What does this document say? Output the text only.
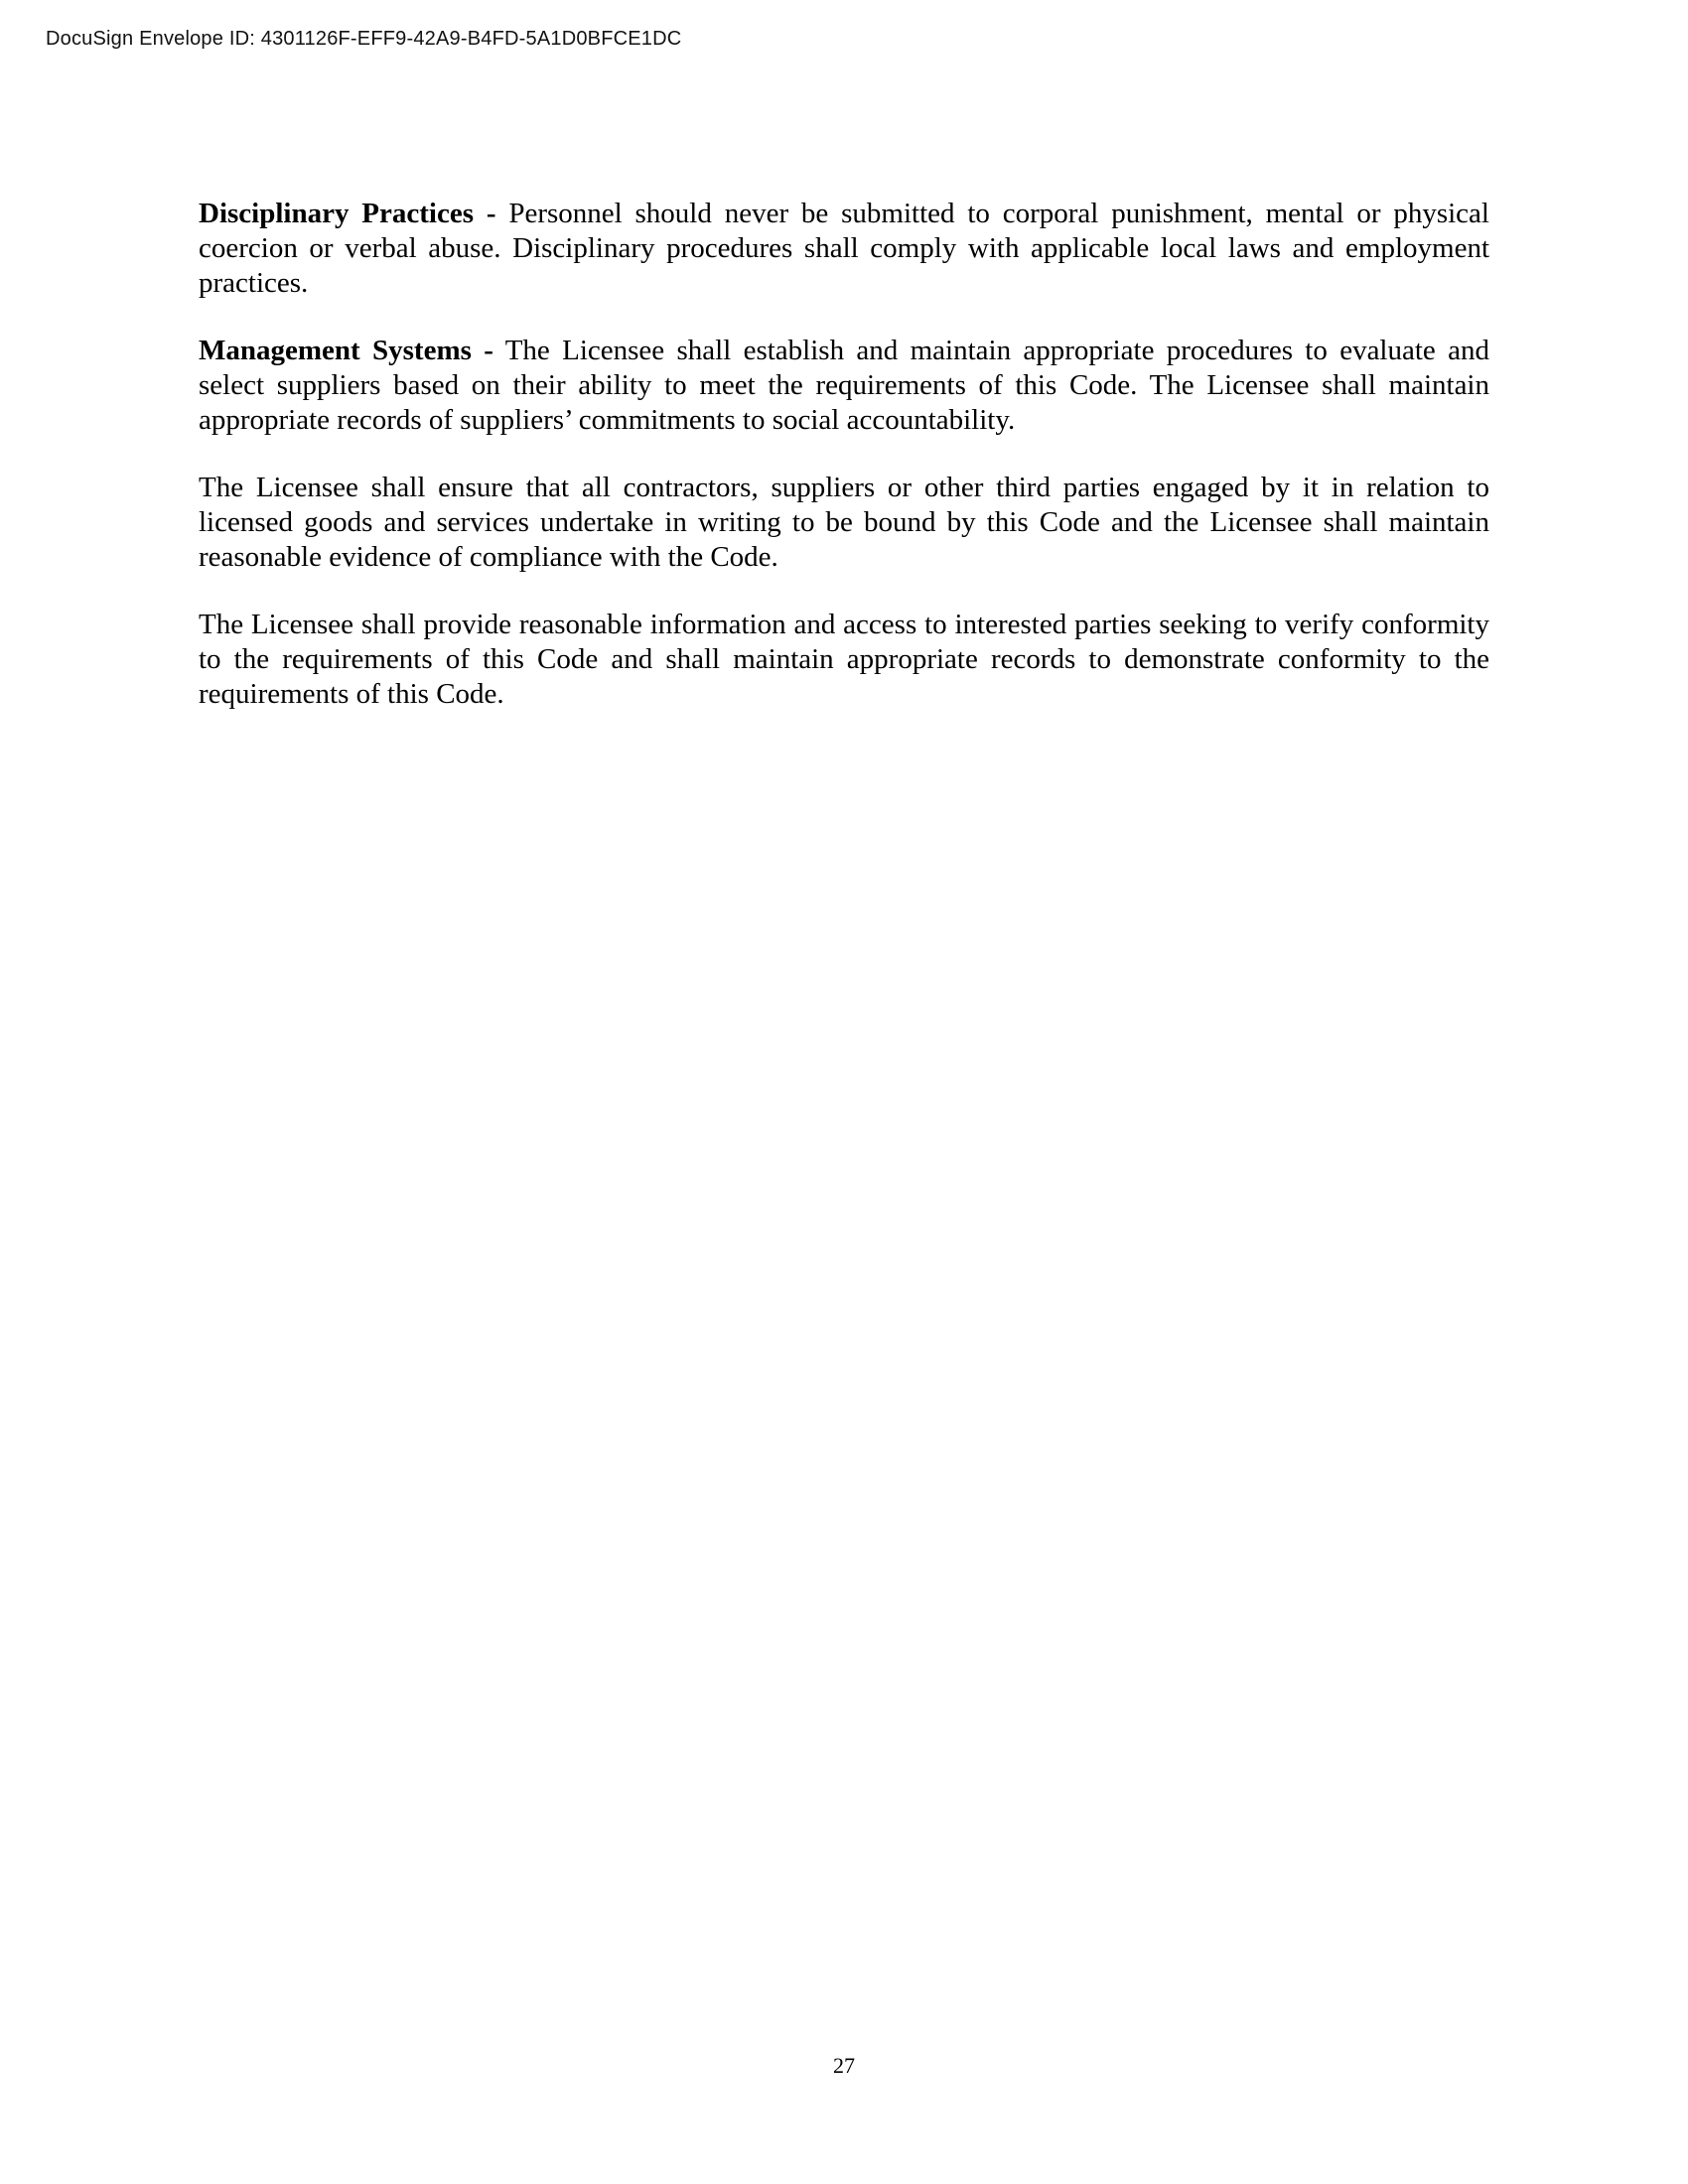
DocuSign Envelope ID: 4301126F-EFF9-42A9-B4FD-5A1D0BFCE1DC

Disciplinary Practices - Personnel should never be submitted to corporal punishment, mental or physical coercion or verbal abuse. Disciplinary procedures shall comply with applicable local laws and employment practices.

Management Systems - The Licensee shall establish and maintain appropriate procedures to evaluate and select suppliers based on their ability to meet the requirements of this Code. The Licensee shall maintain appropriate records of suppliers’ commitments to social accountability.

The Licensee shall ensure that all contractors, suppliers or other third parties engaged by it in relation to licensed goods and services undertake in writing to be bound by this Code and the Licensee shall maintain reasonable evidence of compliance with the Code.

The Licensee shall provide reasonable information and access to interested parties seeking to verify conformity to the requirements of this Code and shall maintain appropriate records to demonstrate conformity to the requirements of this Code.

27
